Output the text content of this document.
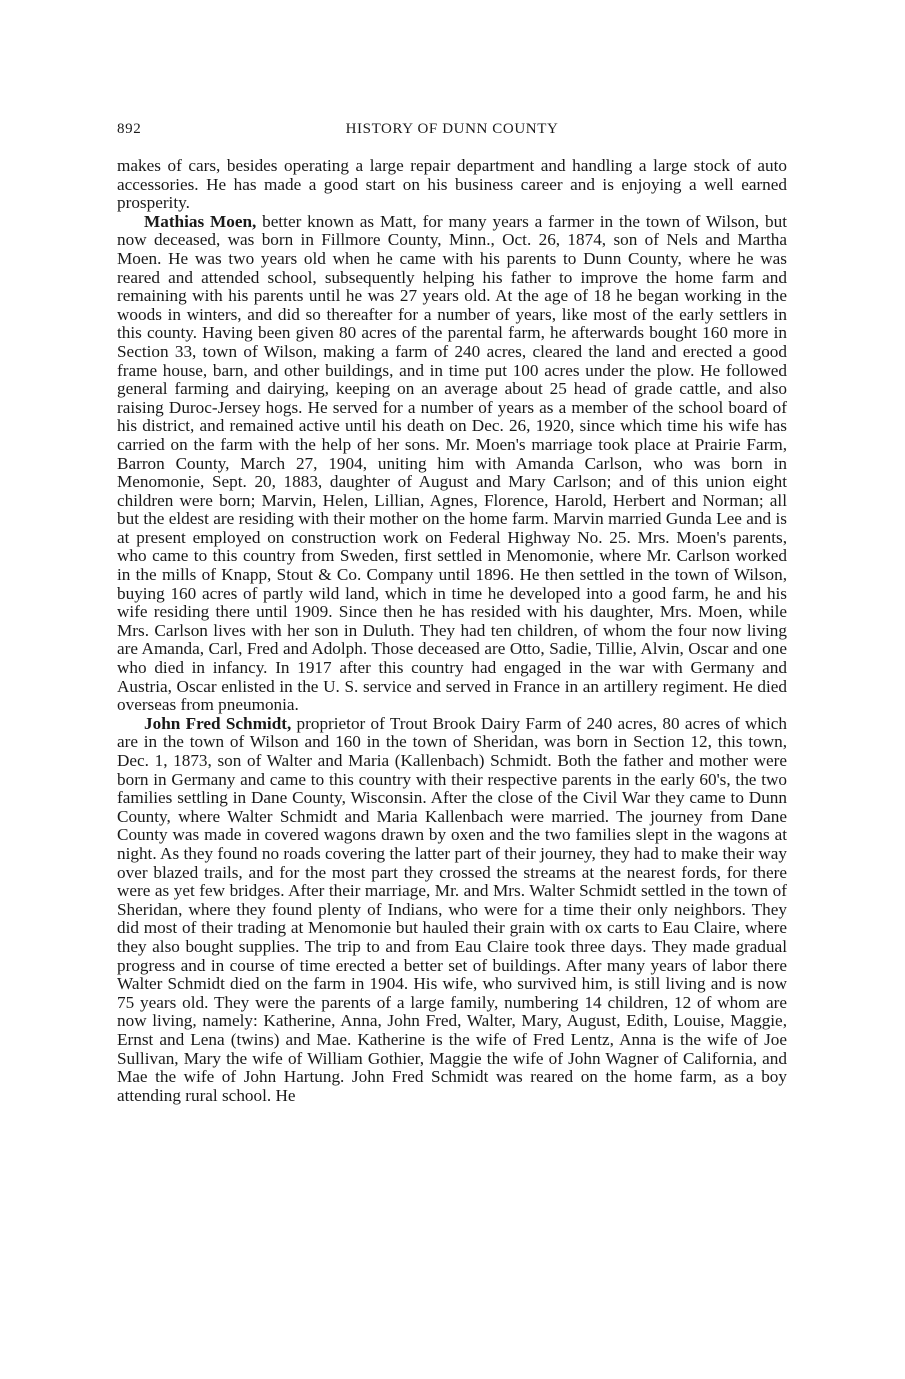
892	HISTORY OF DUNN COUNTY

makes of cars, besides operating a large repair department and handling a large stock of auto accessories. He has made a good start on his business career and is enjoying a well earned prosperity.

Mathias Moen, better known as Matt, for many years a farmer in the town of Wilson, but now deceased, was born in Fillmore County, Minn., Oct. 26, 1874, son of Nels and Martha Moen. He was two years old when he came with his parents to Dunn County, where he was reared and attended school, subsequently helping his father to improve the home farm and remaining with his parents until he was 27 years old. At the age of 18 he began working in the woods in winters, and did so thereafter for a number of years, like most of the early settlers in this county. Having been given 80 acres of the parental farm, he afterwards bought 160 more in Section 33, town of Wilson, making a farm of 240 acres, cleared the land and erected a good frame house, barn, and other buildings, and in time put 100 acres under the plow. He followed general farming and dairying, keeping on an average about 25 head of grade cattle, and also raising Duroc-Jersey hogs. He served for a number of years as a member of the school board of his district, and remained active until his death on Dec. 26, 1920, since which time his wife has carried on the farm with the help of her sons. Mr. Moen's marriage took place at Prairie Farm, Barron County, March 27, 1904, uniting him with Amanda Carlson, who was born in Menomonie, Sept. 20, 1883, daughter of August and Mary Carlson; and of this union eight children were born; Marvin, Helen, Lillian, Agnes, Florence, Harold, Herbert and Norman; all but the eldest are residing with their mother on the home farm. Marvin married Gunda Lee and is at present employed on construction work on Federal Highway No. 25. Mrs. Moen's parents, who came to this country from Sweden, first settled in Menomonie, where Mr. Carlson worked in the mills of Knapp, Stout & Co. Company until 1896. He then settled in the town of Wilson, buying 160 acres of partly wild land, which in time he developed into a good farm, he and his wife residing there until 1909. Since then he has resided with his daughter, Mrs. Moen, while Mrs. Carlson lives with her son in Duluth. They had ten children, of whom the four now living are Amanda, Carl, Fred and Adolph. Those deceased are Otto, Sadie, Tillie, Alvin, Oscar and one who died in infancy. In 1917 after this country had engaged in the war with Germany and Austria, Oscar enlisted in the U. S. service and served in France in an artillery regiment. He died overseas from pneumonia.

John Fred Schmidt, proprietor of Trout Brook Dairy Farm of 240 acres, 80 acres of which are in the town of Wilson and 160 in the town of Sheridan, was born in Section 12, this town, Dec. 1, 1873, son of Walter and Maria (Kallenbach) Schmidt. Both the father and mother were born in Germany and came to this country with their respective parents in the early 60's, the two families settling in Dane County, Wisconsin. After the close of the Civil War they came to Dunn County, where Walter Schmidt and Maria Kallenbach were married. The journey from Dane County was made in covered wagons drawn by oxen and the two families slept in the wagons at night. As they found no roads covering the latter part of their journey, they had to make their way over blazed trails, and for the most part they crossed the streams at the nearest fords, for there were as yet few bridges. After their marriage, Mr. and Mrs. Walter Schmidt settled in the town of Sheridan, where they found plenty of Indians, who were for a time their only neighbors. They did most of their trading at Menomonie but hauled their grain with ox carts to Eau Claire, where they also bought supplies. The trip to and from Eau Claire took three days. They made gradual progress and in course of time erected a better set of buildings. After many years of labor there Walter Schmidt died on the farm in 1904. His wife, who survived him, is still living and is now 75 years old. They were the parents of a large family, numbering 14 children, 12 of whom are now living, namely: Katherine, Anna, John Fred, Walter, Mary, August, Edith, Louise, Maggie, Ernst and Lena (twins) and Mae. Katherine is the wife of Fred Lentz, Anna is the wife of Joe Sullivan, Mary the wife of William Gothier, Maggie the wife of John Wagner of California, and Mae the wife of John Hartung. John Fred Schmidt was reared on the home farm, as a boy attending rural school. He
